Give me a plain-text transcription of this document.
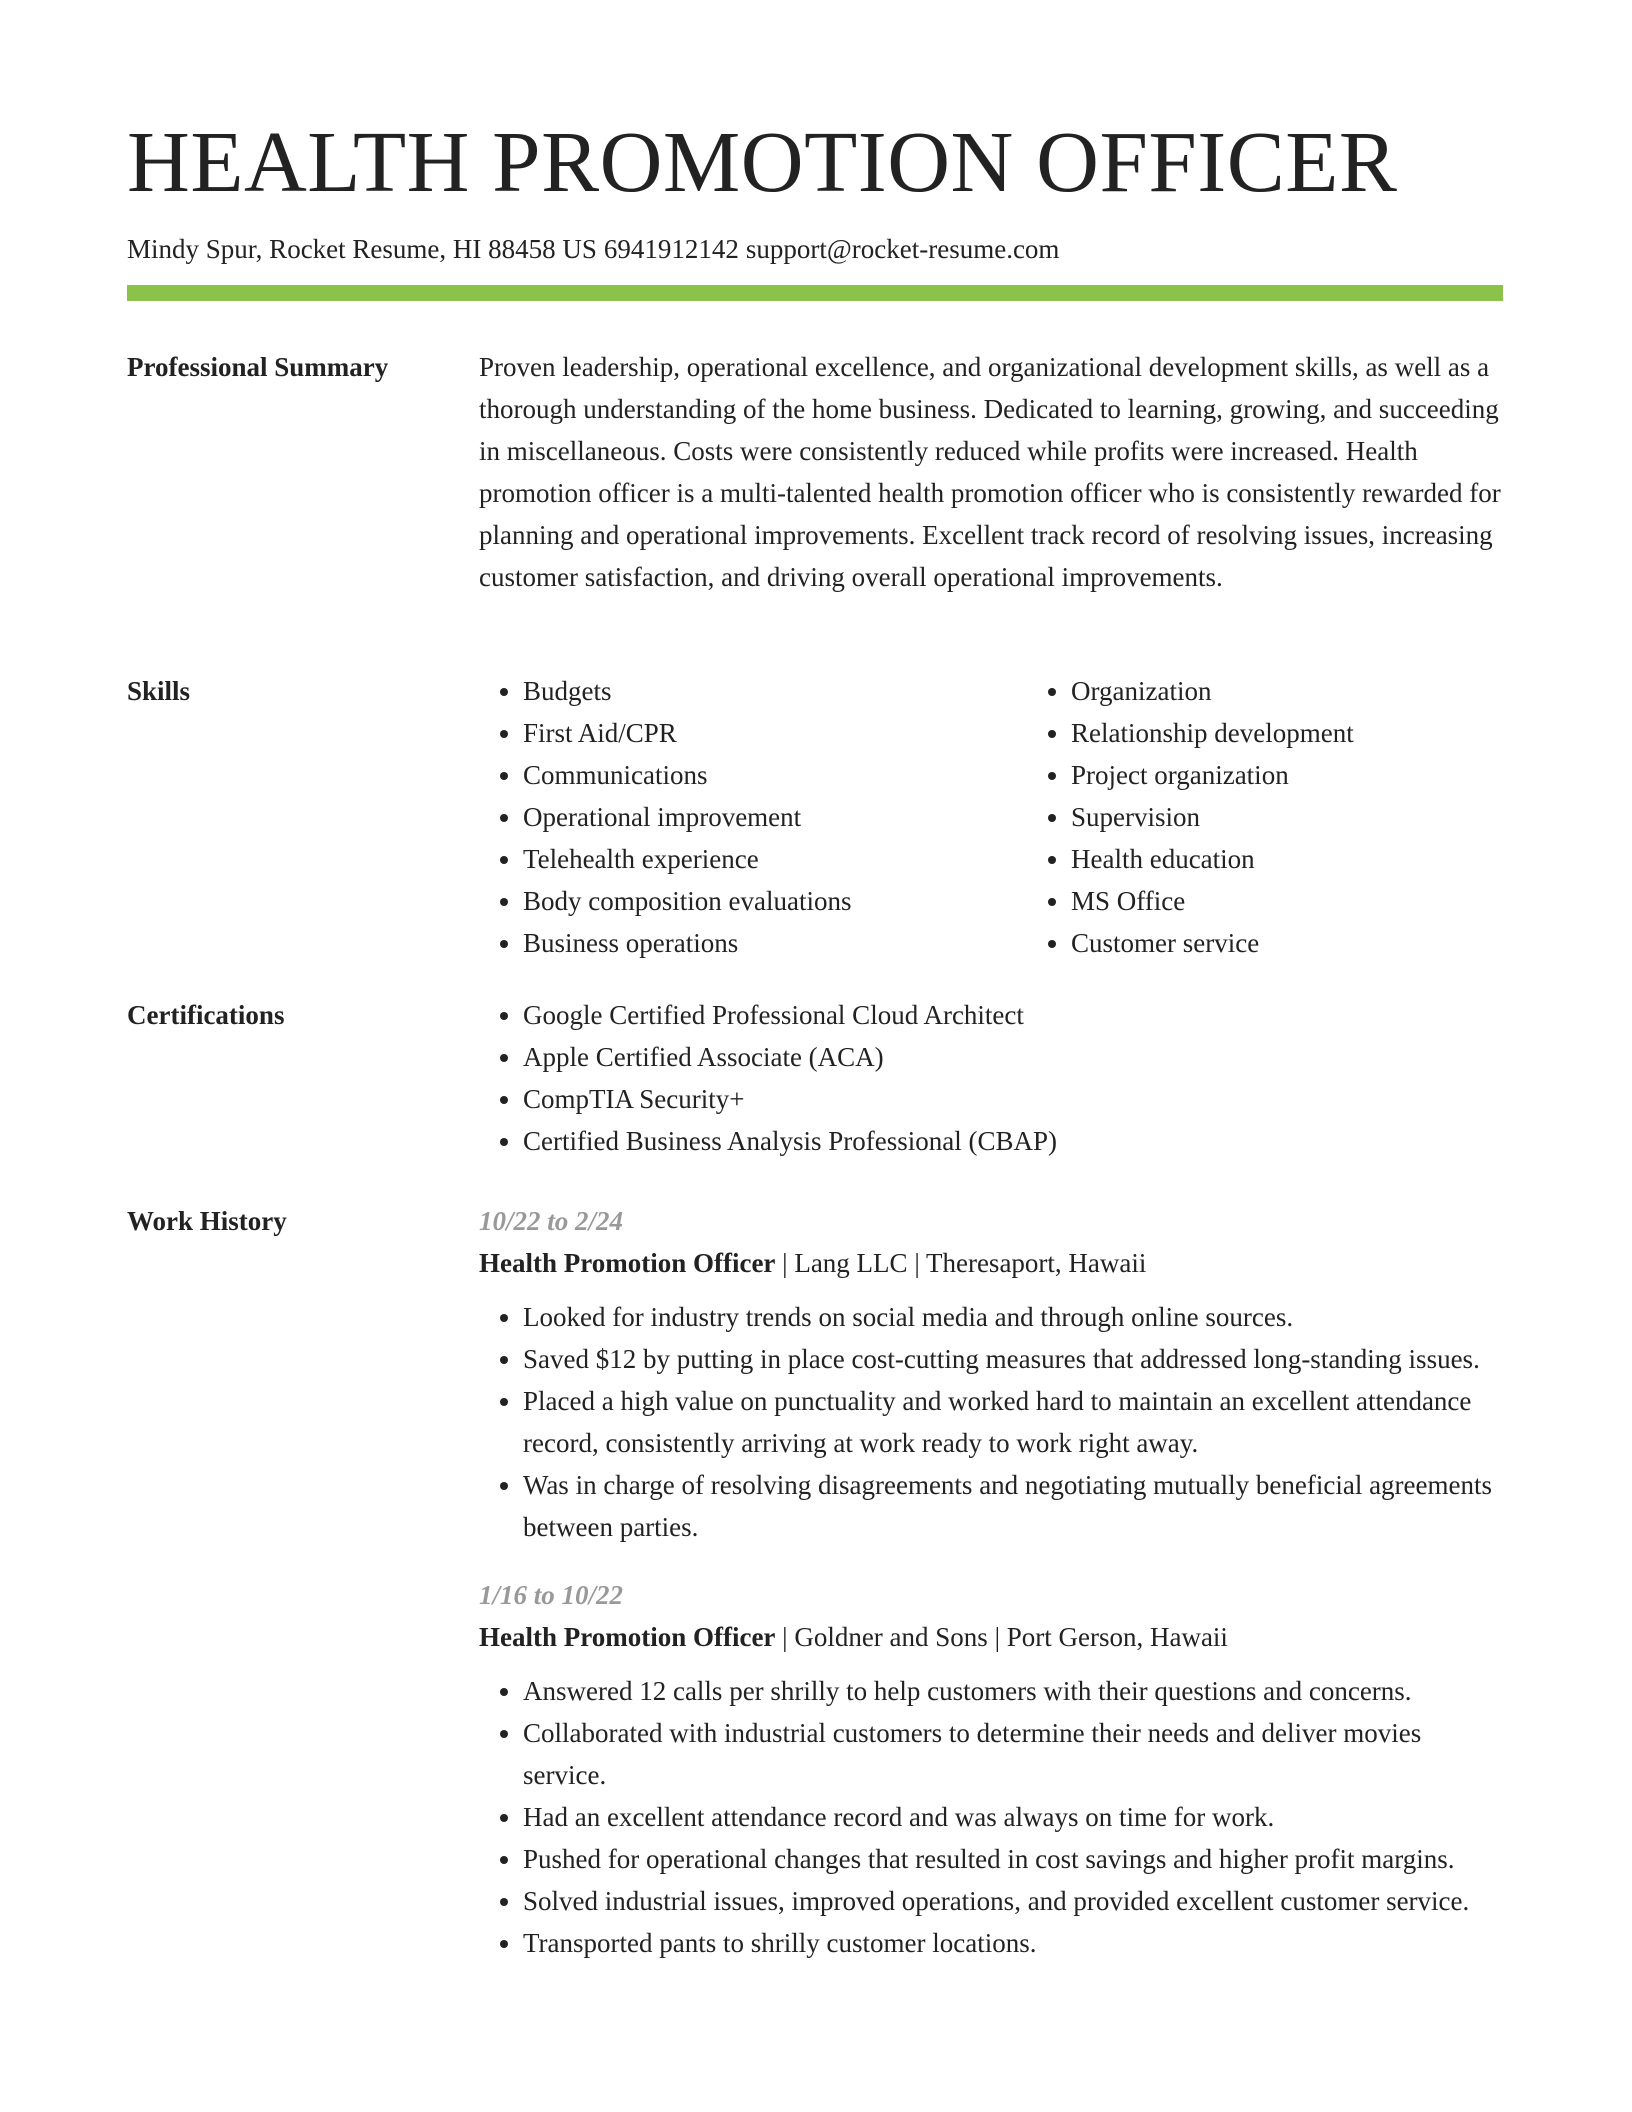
HEALTH PROMOTION OFFICER
Mindy Spur, Rocket Resume, HI 88458 US 6941912142 support@rocket-resume.com
Professional Summary	Proven leadership, operational excellence, and organizational development skills, as well as a thorough understanding of the home business. Dedicated to learning, growing, and succeeding in miscellaneous. Costs were consistently reduced while profits were increased. Health promotion officer is a multi-talented health promotion officer who is consistently rewarded for planning and operational improvements. Excellent track record of resolving issues, increasing customer satisfaction, and driving overall operational improvements.

Skills	• Budgets
• First Aid/CPR
• Communications
• Operational improvement
• Telehealth experience
• Body composition evaluations
• Business operations
• Organization
• Relationship development
• Project organization
• Supervision
• Health education
• MS Office
• Customer service
Certifications	• Google Certified Professional Cloud Architect
• Apple Certified Associate (ACA)
• CompTIA Security+
• Certified Business Analysis Professional (CBAP)
Work History	10/22 to 2/24
Health Promotion Officer | Lang LLC | Theresaport, Hawaii
• Looked for industry trends on social media and through online sources.
• Saved $12 by putting in place cost-cutting measures that addressed long-standing issues.
• Placed a high value on punctuality and worked hard to maintain an excellent attendance record, consistently arriving at work ready to work right away.
• Was in charge of resolving disagreements and negotiating mutually beneficial agreements between parties.
1/16 to 10/22
Health Promotion Officer | Goldner and Sons | Port Gerson, Hawaii
• Answered 12 calls per shrilly to help customers with their questions and concerns.
• Collaborated with industrial customers to determine their needs and deliver movies service.
• Had an excellent attendance record and was always on time for work.
• Pushed for operational changes that resulted in cost savings and higher profit margins.
• Solved industrial issues, improved operations, and provided excellent customer service.
• Transported pants to shrilly customer locations.
